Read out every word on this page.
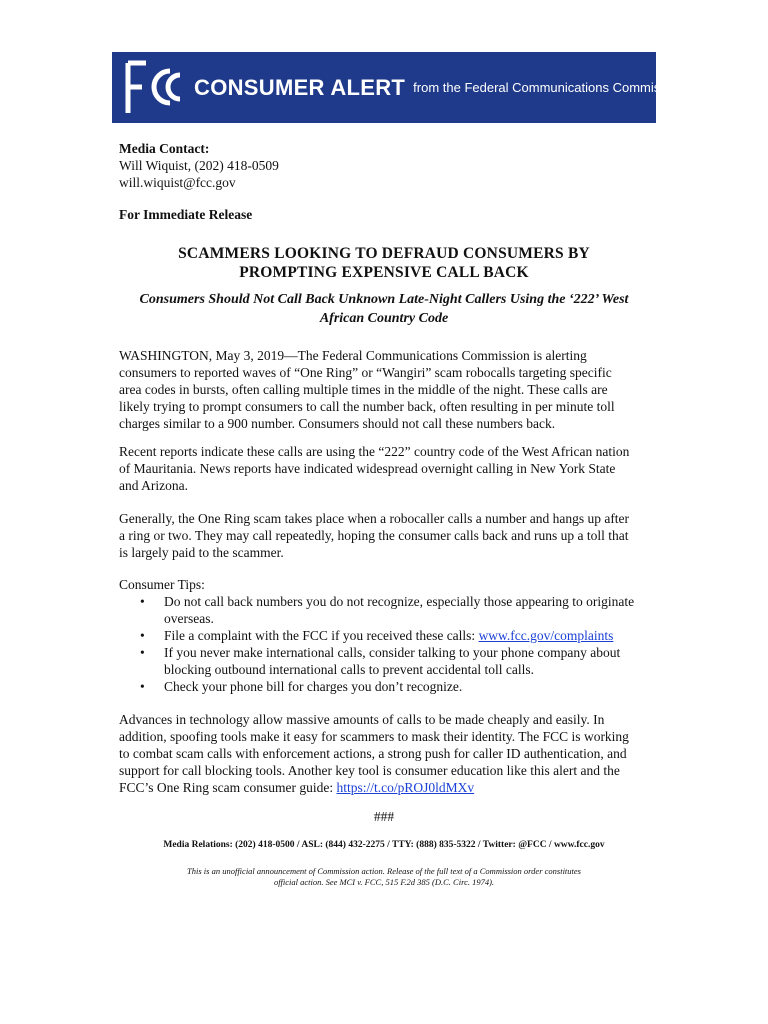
CONSUMER ALERT from the Federal Communications Commission
Media Contact:
Will Wiquist, (202) 418-0509
will.wiquist@fcc.gov
For Immediate Release
SCAMMERS LOOKING TO DEFRAUD CONSUMERS BY
PROMPTING EXPENSIVE CALL BACK
Consumers Should Not Call Back Unknown Late-Night Callers Using the ‘222’ West
African Country Code
WASHINGTON, May 3, 2019—The Federal Communications Commission is alerting
consumers to reported waves of “One Ring” or “Wangiri” scam robocalls targeting specific
area codes in bursts, often calling multiple times in the middle of the night. These calls are
likely trying to prompt consumers to call the number back, often resulting in per minute toll
charges similar to a 900 number. Consumers should not call these numbers back.
Recent reports indicate these calls are using the “222” country code of the West African nation
of Mauritania. News reports have indicated widespread overnight calling in New York State
and Arizona.
Generally, the One Ring scam takes place when a robocaller calls a number and hangs up after
a ring or two. They may call repeatedly, hoping the consumer calls back and runs up a toll that
is largely paid to the scammer.
Consumer Tips:
• Do not call back numbers you do not recognize, especially those appearing to originate
overseas.
• File a complaint with the FCC if you received these calls: www.fcc.gov/complaints
• If you never make international calls, consider talking to your phone company about
blocking outbound international calls to prevent accidental toll calls.
• Check your phone bill for charges you don’t recognize.
Advances in technology allow massive amounts of calls to be made cheaply and easily. In
addition, spoofing tools make it easy for scammers to mask their identity. The FCC is working
to combat scam calls with enforcement actions, a strong push for caller ID authentication, and
support for call blocking tools. Another key tool is consumer education like this alert and the
FCC’s One Ring scam consumer guide: https://t.co/pROJ0ldMXv
###
Media Relations: (202) 418-0500 / ASL: (844) 432-2275 / TTY: (888) 835-5322 / Twitter: @FCC / www.fcc.gov
This is an unofficial announcement of Commission action. Release of the full text of a Commission order constitutes
official action. See MCI v. FCC, 515 F.2d 385 (D.C. Circ. 1974).
